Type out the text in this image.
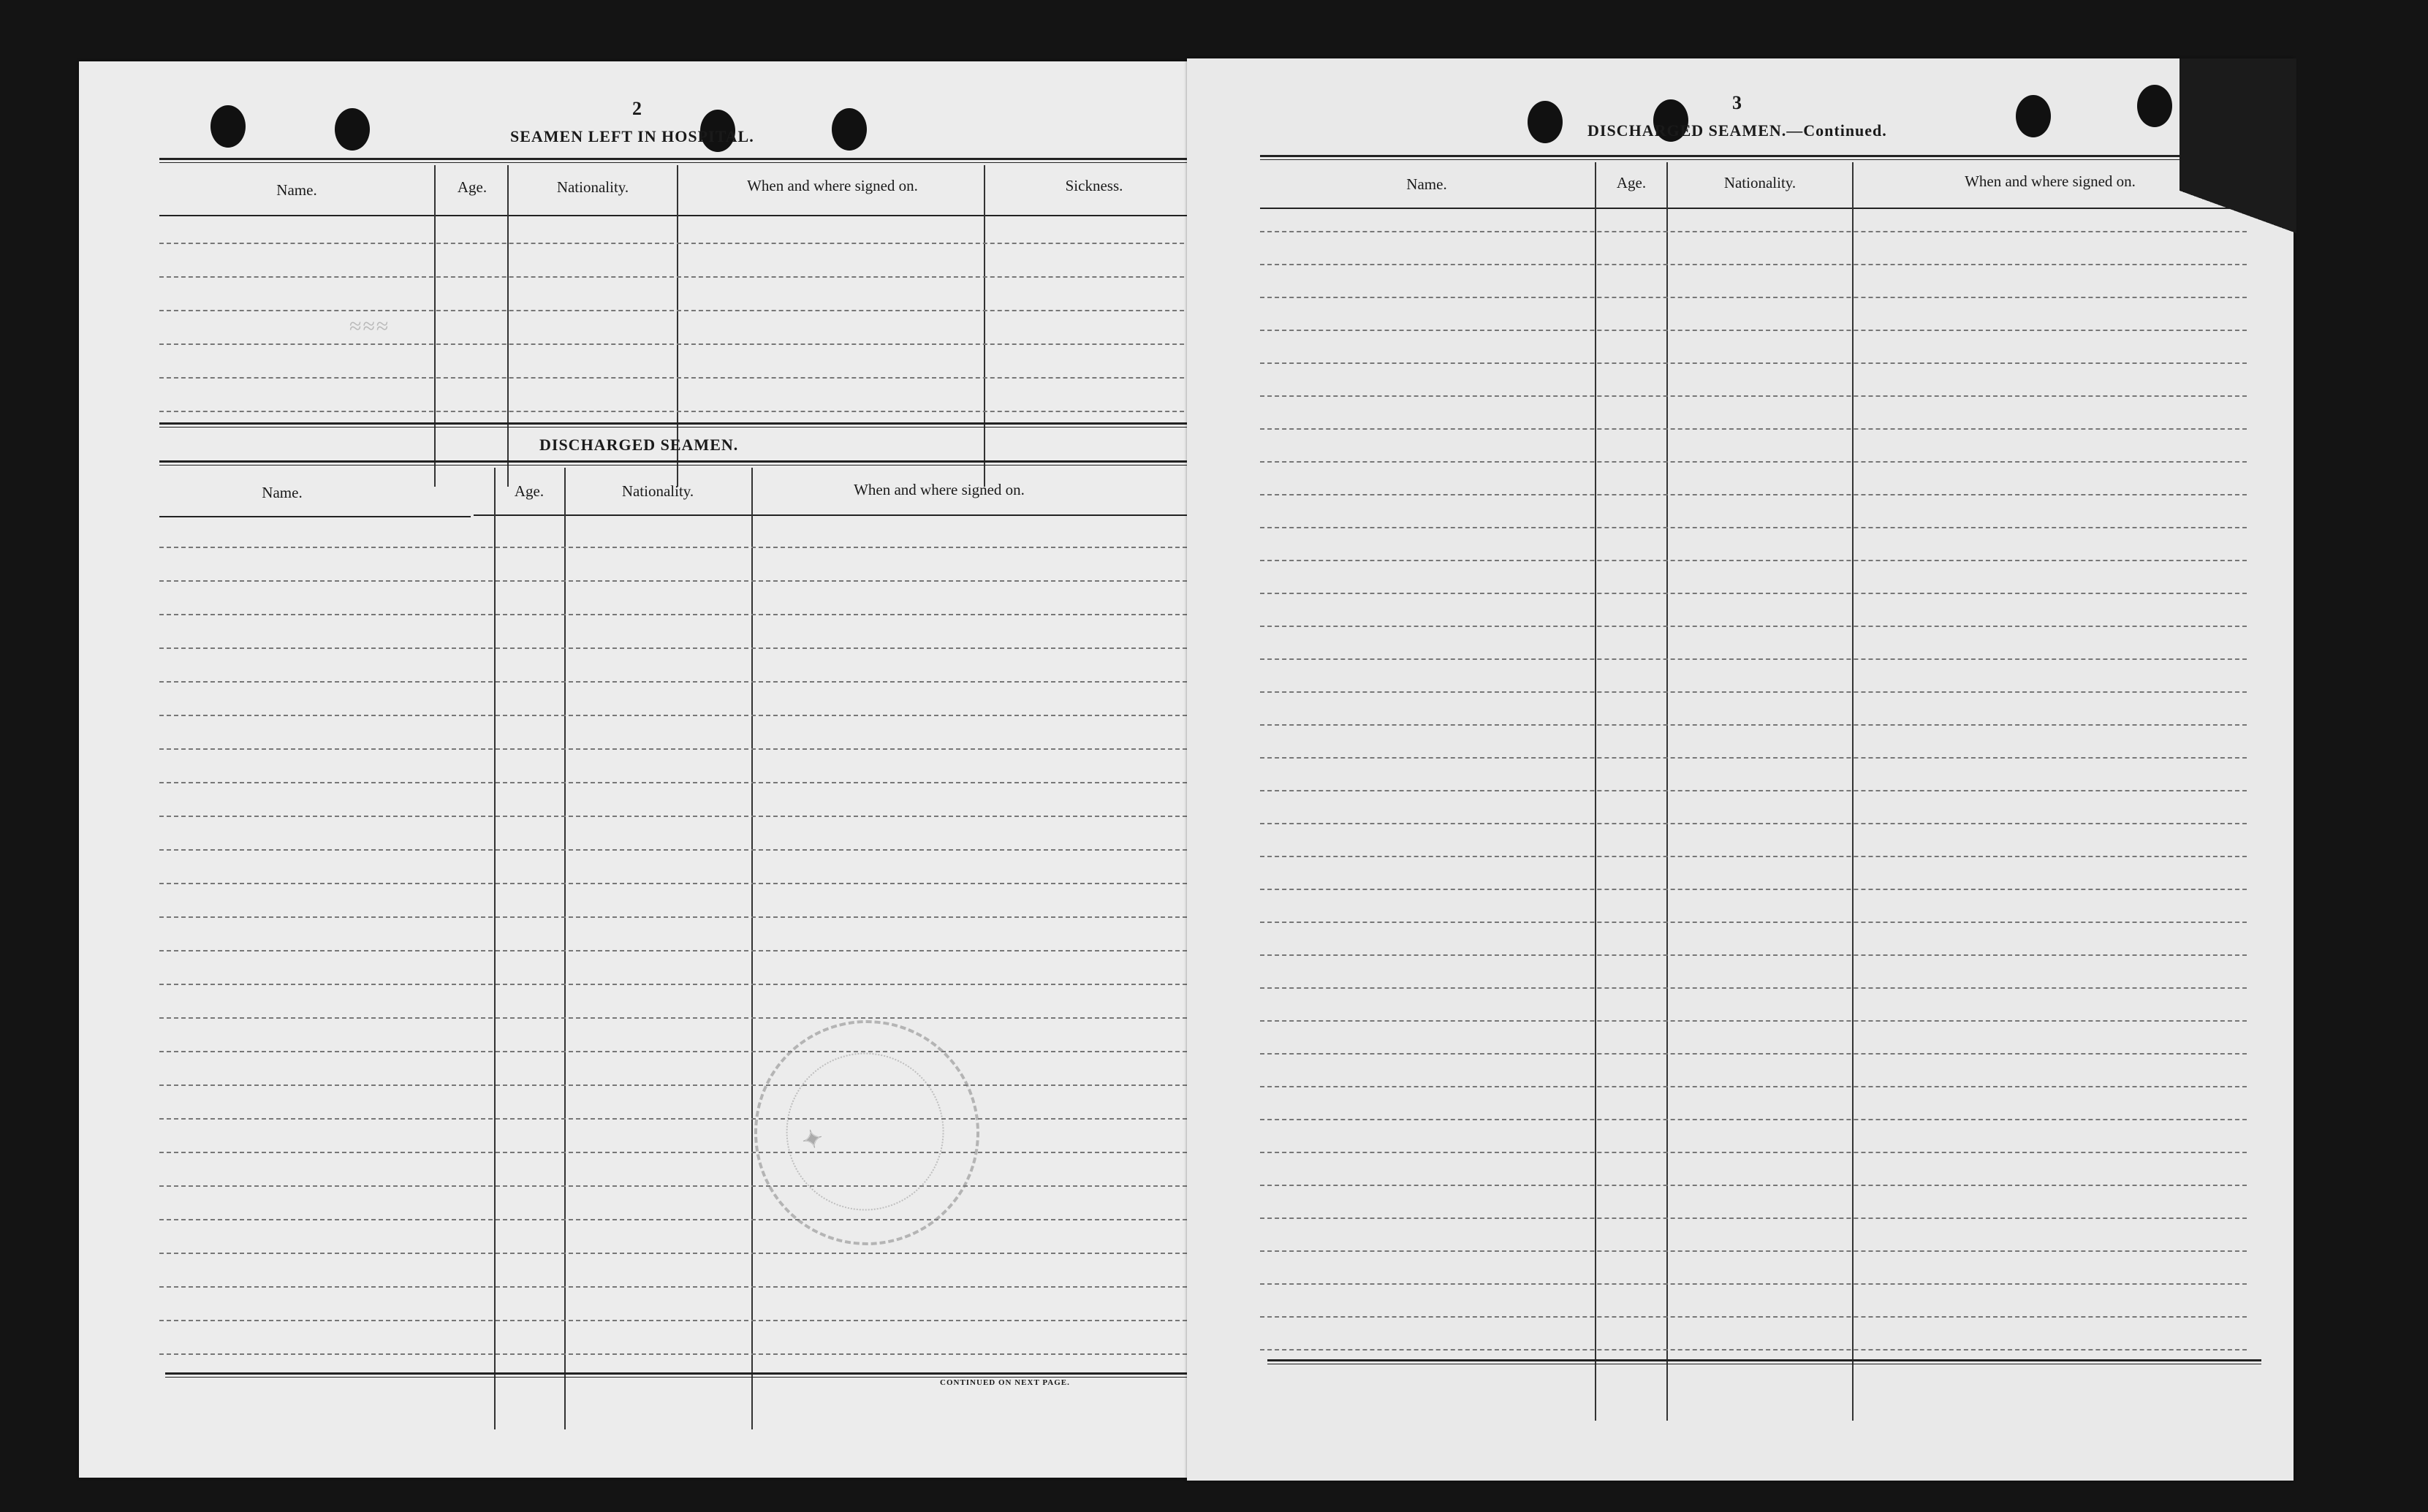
2
SEAMEN LEFT IN HOSPITAL.
Name.	Age.	Nationality.	When and where signed on.	Sickness.
≈≈≈
DISCHARGED SEAMEN.
Name.	Age.	Nationality.	When and where signed on.
✦
CONTINUED ON NEXT PAGE.
3
DISCHARGED SEAMEN.—Continued.
Name.	Age.	Nationality.	When and where signed on.
